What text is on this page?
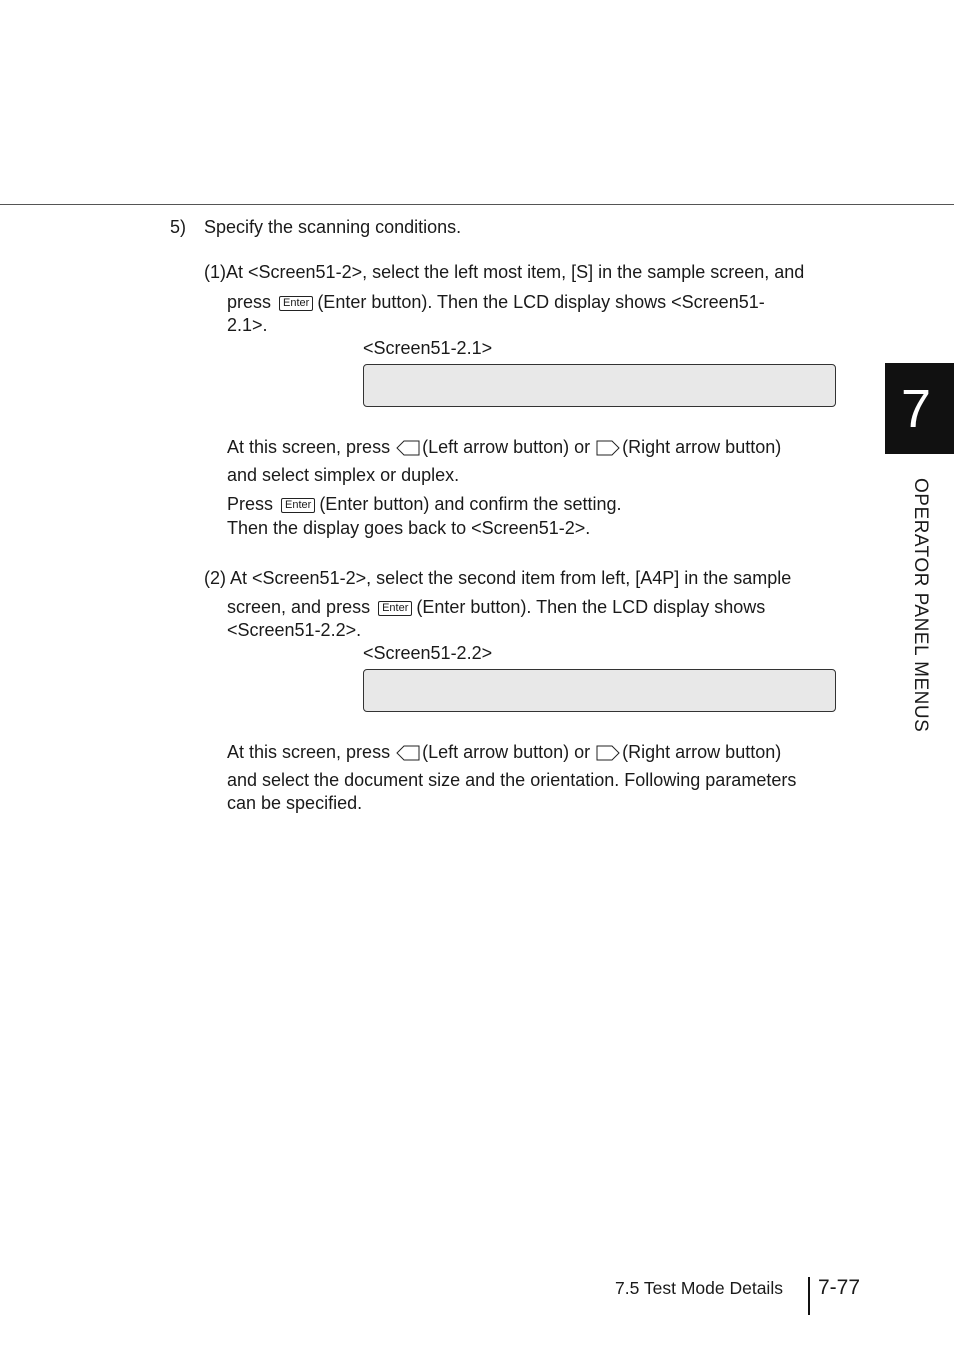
5) Specify the scanning conditions.
(1)At <Screen51-2>, select the left most item, [S] in the sample screen, and
press Enter (Enter button). Then the LCD display shows <Screen51-
2.1>.
<Screen51-2.1>
At this screen, press (Left arrow button) or (Right arrow button)
and select simplex or duplex.
Press Enter (Enter button) and confirm the setting.
Then the display goes back to <Screen51-2>.
(2) At <Screen51-2>, select the second item from left, [A4P] in the sample
screen, and press Enter (Enter button). Then the LCD display shows
<Screen51-2.2>.
<Screen51-2.2>
At this screen, press (Left arrow button) or (Right arrow button)
and select the document size and the orientation. Following parameters
can be specified.
7
OPERATOR PANEL MENUS
7.5 Test Mode Details 7-77
